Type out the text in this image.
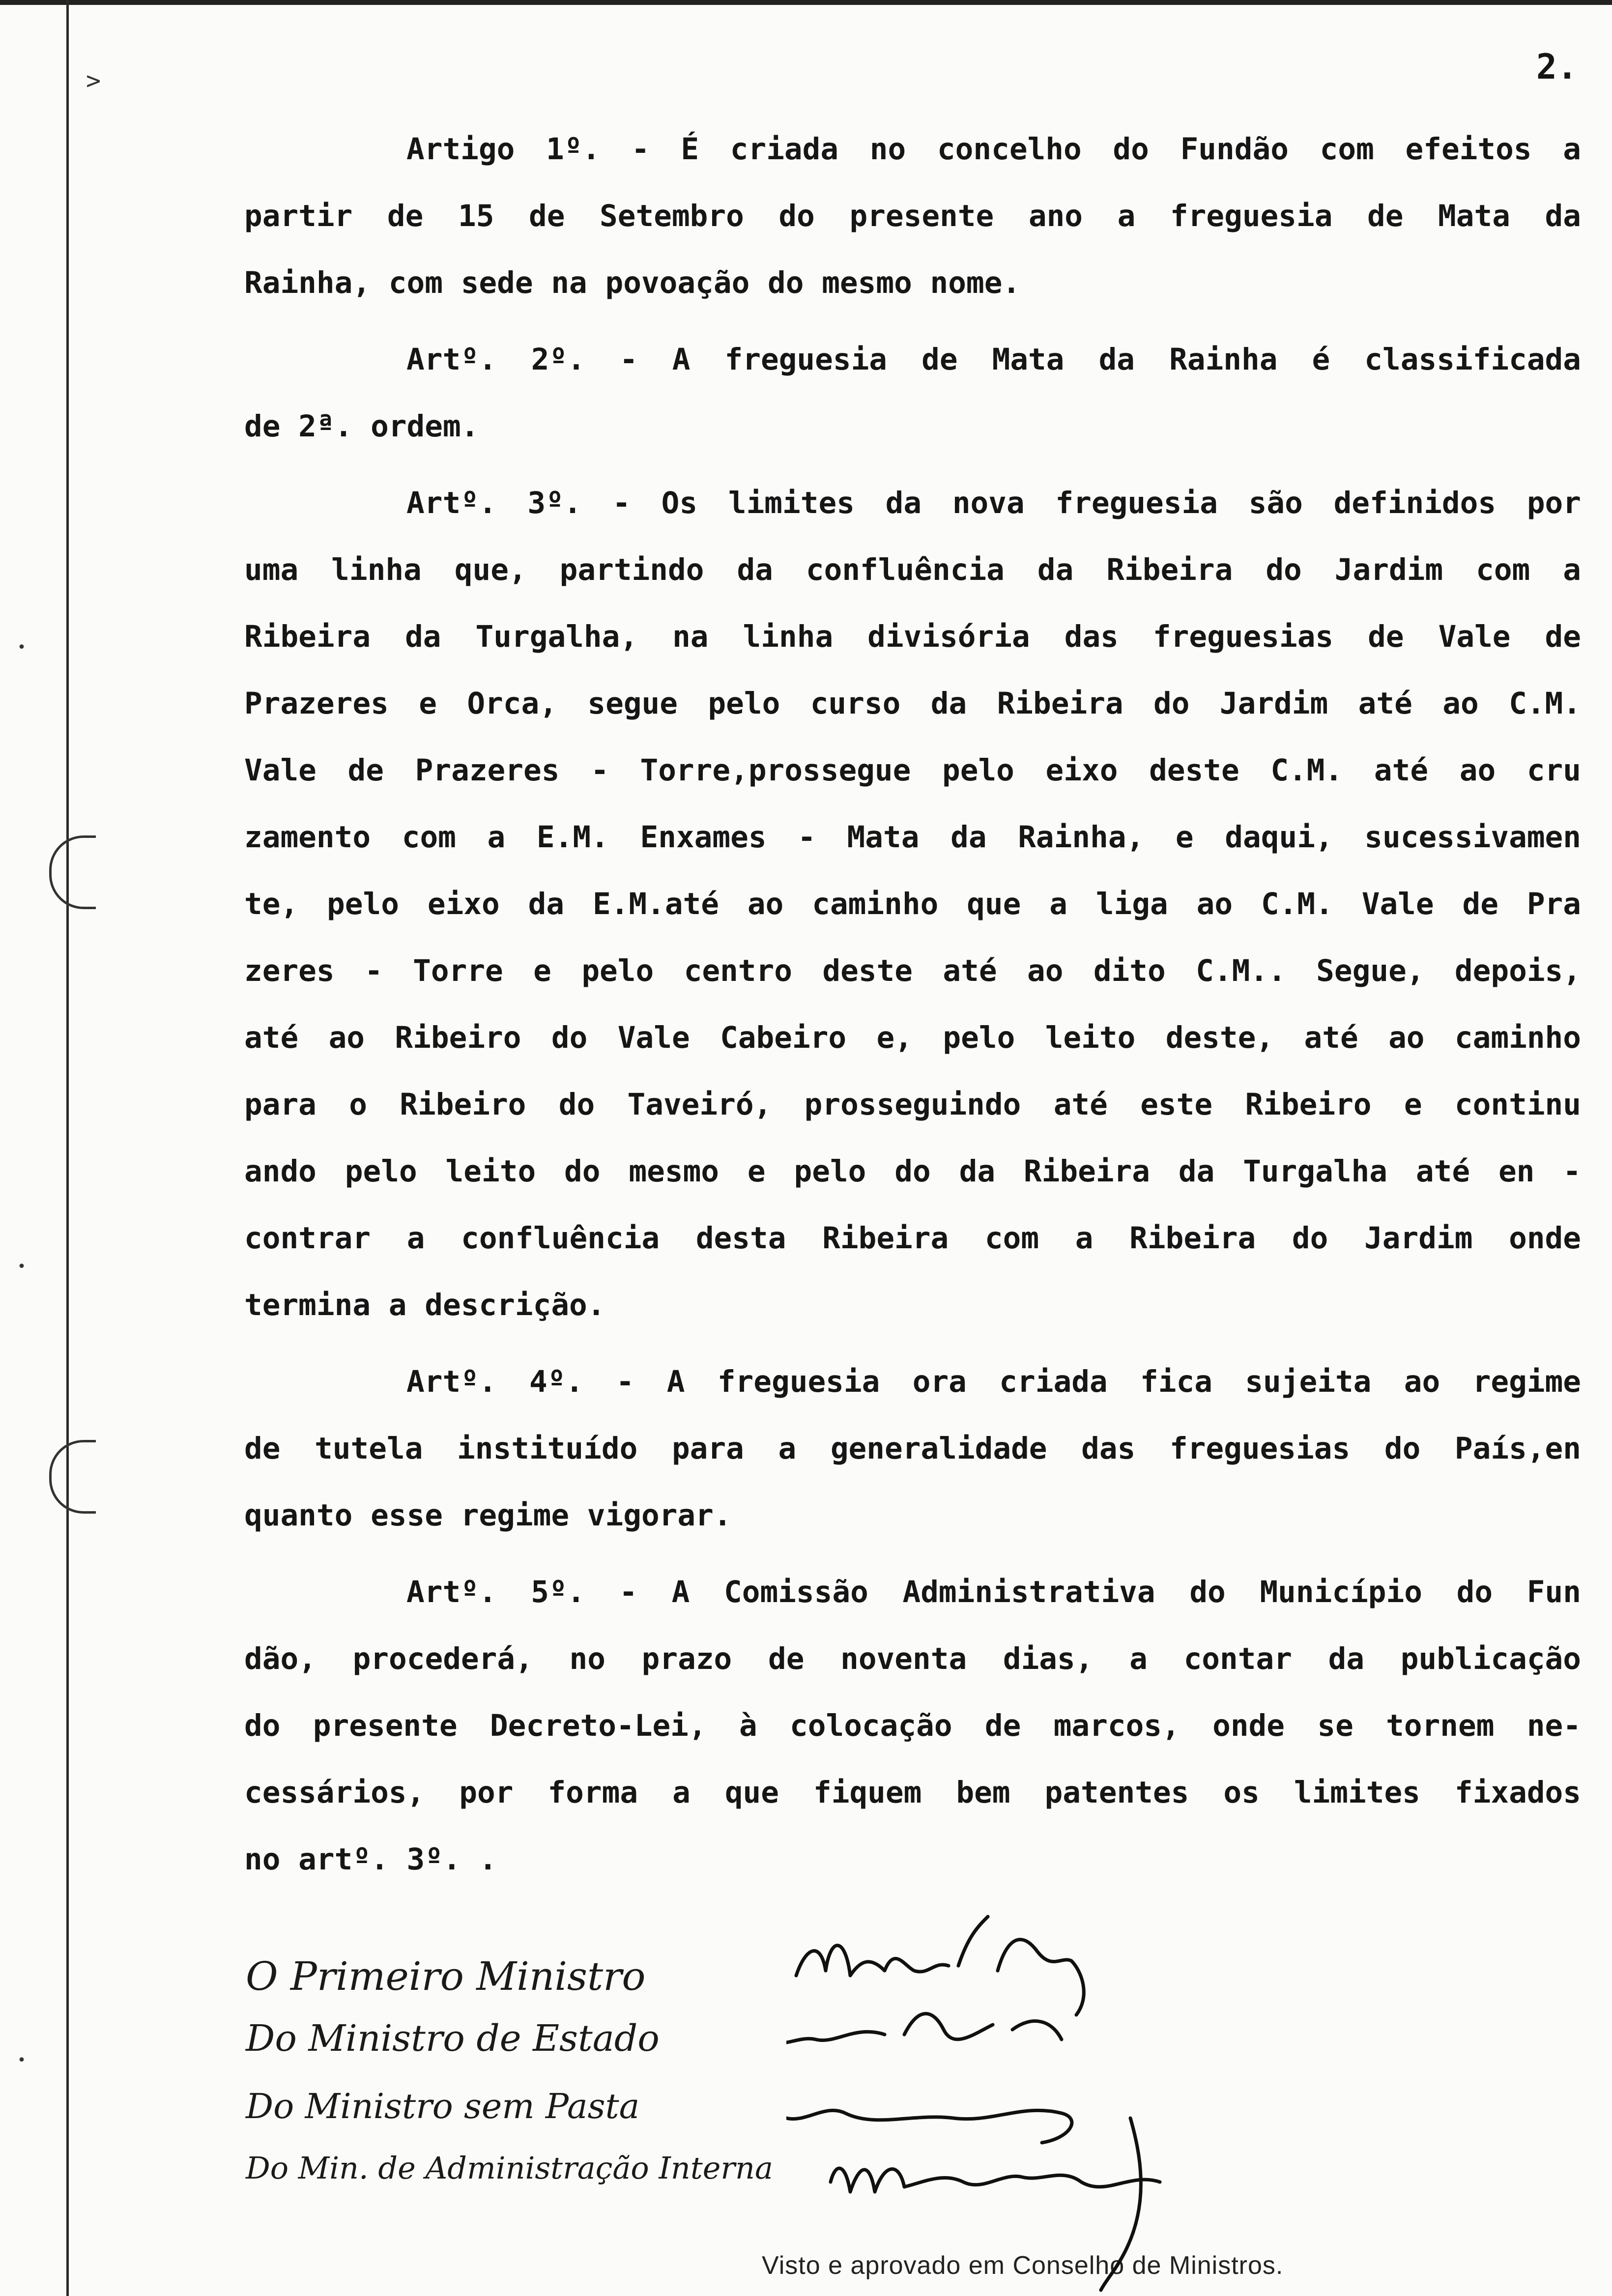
2.
Artigo 1º. - É criada no concelho do Fundão com efeitos a
partir de 15 de Setembro do presente ano a freguesia de Mata da
Rainha, com sede na povoação do mesmo nome.
Artº. 2º. - A freguesia de Mata da Rainha é classificada
de 2ª. ordem.
Artº. 3º. - Os limites da nova freguesia são definidos por
uma linha que, partindo da confluência da Ribeira do Jardim com a
Ribeira da Turgalha, na linha divisória das freguesias de Vale de
Prazeres e Orca, segue pelo curso da Ribeira do Jardim até ao C.M.
Vale de Prazeres - Torre,prossegue pelo eixo deste C.M. até ao cru
zamento com a E.M. Enxames - Mata da Rainha, e daqui, sucessivamen
te, pelo eixo da E.M.até ao caminho que a liga ao C.M. Vale de Pra
zeres - Torre e pelo centro deste até ao dito C.M.. Segue, depois,
até ao Ribeiro do Vale Cabeiro e, pelo leito deste, até ao caminho
para o Ribeiro do Taveiró, prosseguindo até este Ribeiro e continu
ando pelo leito do mesmo e pelo do da Ribeira da Turgalha até en -
contrar a confluência desta Ribeira com a Ribeira do Jardim onde
termina a descrição.
Artº. 4º. - A freguesia ora criada fica sujeita ao regime
de tutela instituído para a generalidade das freguesias do País,en
quanto esse regime vigorar.
Artº. 5º. - A Comissão Administrativa do Município do Fun
dão, procederá, no prazo de noventa dias, a contar da publicação
do presente Decreto-Lei, à colocação de marcos, onde se tornem ne-
cessários, por forma a que fiquem bem patentes os limites fixados
no artº. 3º. .
Visto e aprovado em Conselho de Ministros.
O Primeiro Ministro
Do Ministro de Estado
Do Ministro sem Pasta
Do Min. de Administração Interna
>
•
•
•
